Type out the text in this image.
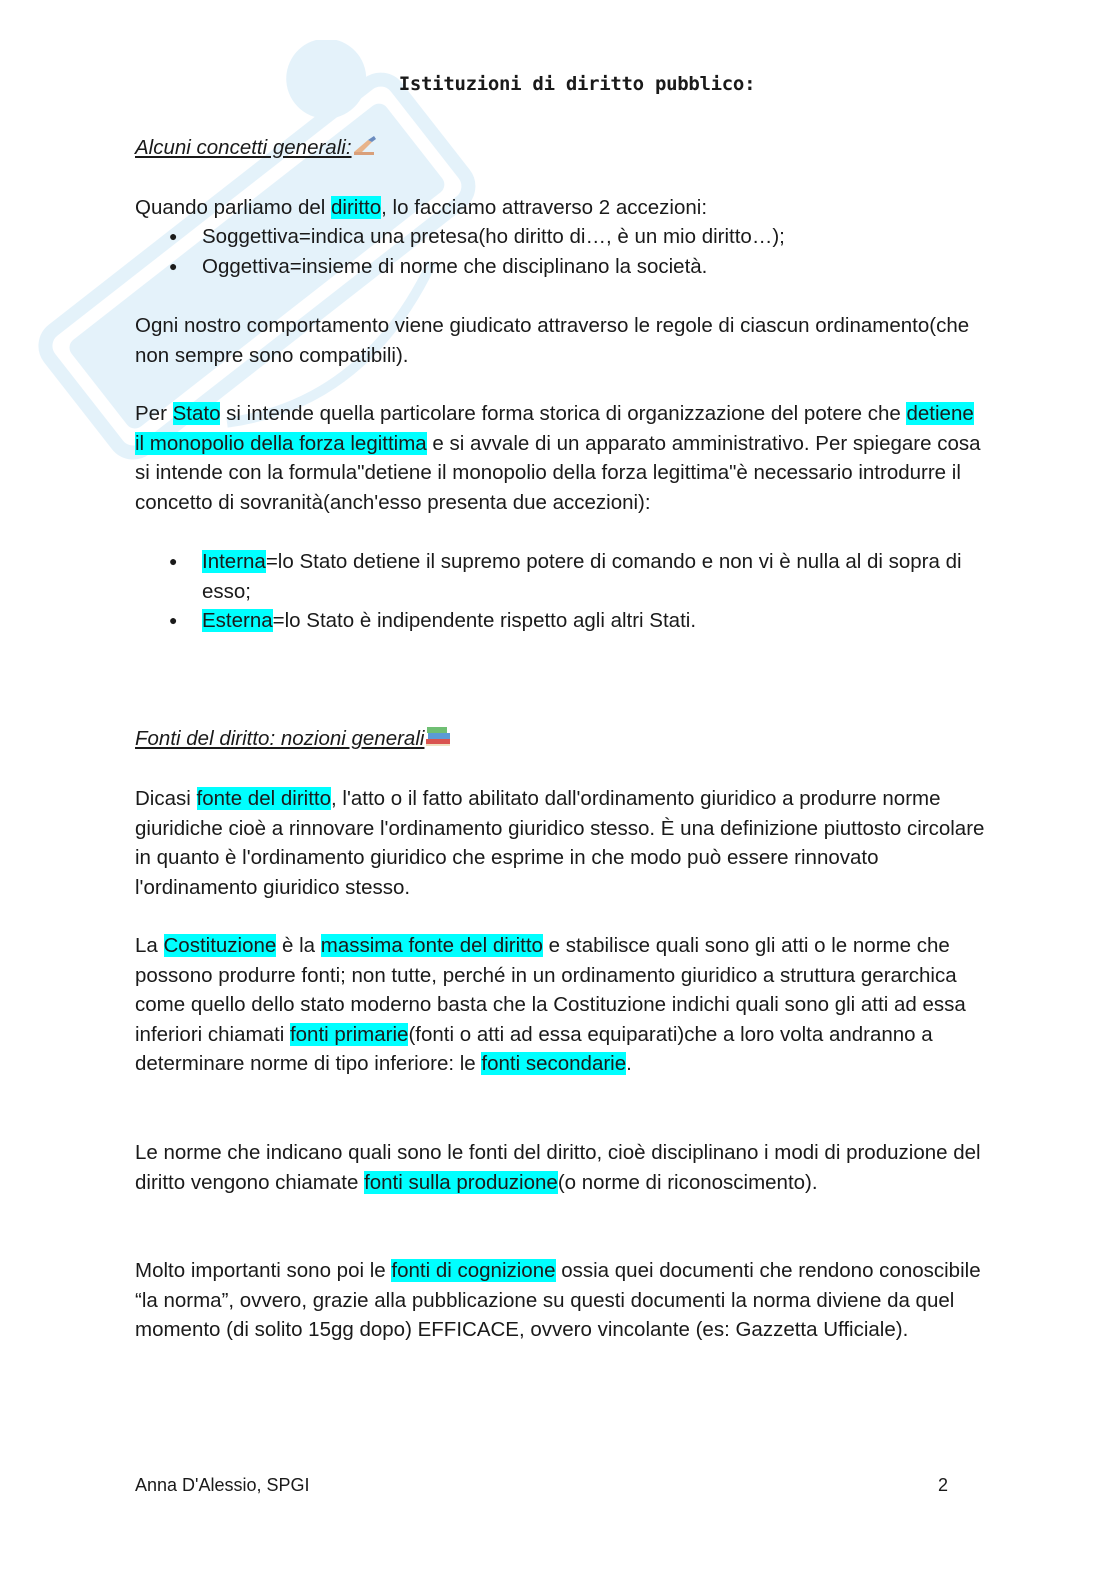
Istituzioni di diritto pubblico:

Alcuni concetti generali:

Quando parliamo del diritto, lo facciamo attraverso 2 accezioni:

● Soggettiva=indica una pretesa(ho diritto di…, è un mio diritto…);
● Oggettiva=insieme di norme che disciplinano la società.

Ogni nostro comportamento viene giudicato attraverso le regole di ciascun ordinamento(che non sempre sono compatibili).

Per Stato si intende quella particolare forma storica di organizzazione del potere che detiene il monopolio della forza legittima e si avvale di un apparato amministrativo. Per spiegare cosa si intende con la formula"detiene il monopolio della forza legittima"è necessario introdurre il concetto di sovranità(anch'esso presenta due accezioni):

● Interna=lo Stato detiene il supremo potere di comando e non vi è nulla al di sopra di esso;
● Esterna=lo Stato è indipendente rispetto agli altri Stati.

Fonti del diritto: nozioni generali

Dicasi fonte del diritto, l'atto o il fatto abilitato dall'ordinamento giuridico a produrre norme giuridiche cioè a rinnovare l'ordinamento giuridico stesso. È una definizione piuttosto circolare in quanto è l'ordinamento giuridico che esprime in che modo può essere rinnovato l'ordinamento giuridico stesso.

La Costituzione è la massima fonte del diritto e stabilisce quali sono gli atti o le norme che possono produrre fonti; non tutte, perché in un ordinamento giuridico a struttura gerarchica come quello dello stato moderno basta che la Costituzione indichi quali sono gli atti ad essa inferiori chiamati fonti primarie(fonti o atti ad essa equiparati)che a loro volta andranno a determinare norme di tipo inferiore: le fonti secondarie.

Le norme che indicano quali sono le fonti del diritto, cioè disciplinano i modi di produzione del diritto vengono chiamate fonti sulla produzione(o norme di riconoscimento).

Molto importanti sono poi le fonti di cognizione ossia quei documenti che rendono conoscibile “la norma”, ovvero, grazie alla pubblicazione su questi documenti la norma diviene da quel momento (di solito 15gg dopo) EFFICACE, ovvero vincolante (es: Gazzetta Ufficiale).

Anna D'Alessio, SPGI	2
